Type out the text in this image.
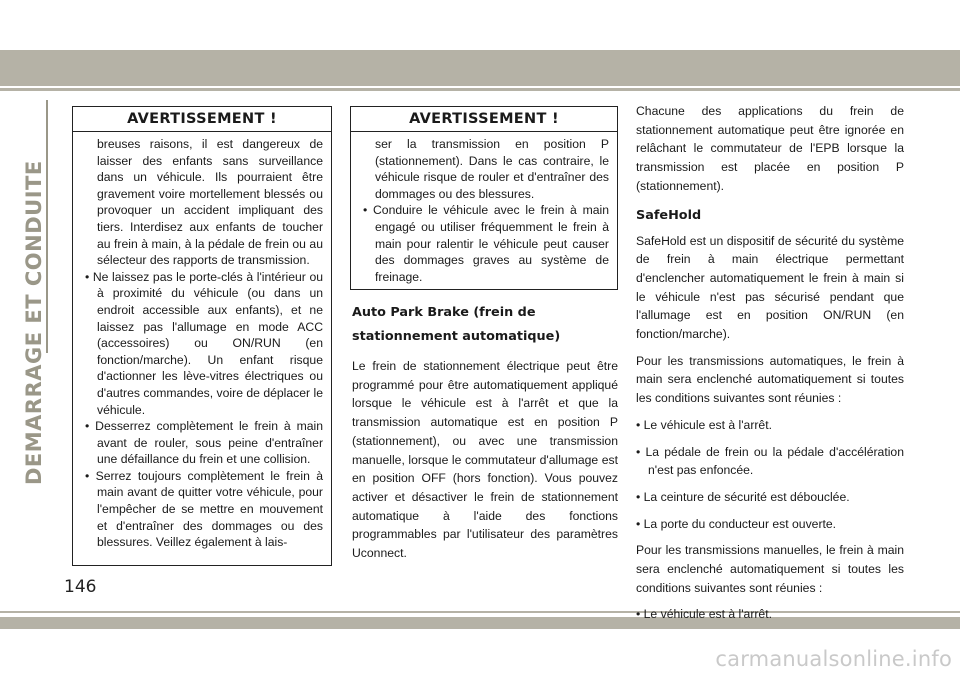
DEMARRAGE ET CONDUITE
AVERTISSEMENT !

breuses raisons, il est dangereux de laisser des enfants sans surveillance dans un véhicule. Ils pourraient être gravement voire mortellement blessés ou provoquer un accident impliquant des tiers. Interdisez aux enfants de toucher au frein à main, à la pédale de frein ou au sélecteur des rapports de transmission.

• Ne laissez pas le porte-clés à l'intérieur ou à proximité du véhicule (ou dans un endroit accessible aux enfants), et ne laissez pas l'allumage en mode ACC (accessoires) ou ON/RUN (en fonction/marche). Un enfant risque d'actionner les lève-vitres électriques ou d'autres commandes, voire de déplacer le véhicule.

• Desserrez complètement le frein à main avant de rouler, sous peine d'entraîner une défaillance du frein et une collision.

• Serrez toujours complètement le frein à main avant de quitter votre véhicule, pour l'empêcher de se mettre en mouvement et d'entraîner des dommages ou des blessures. Veillez également à lais-

AVERTISSEMENT !

ser la transmission en position P (stationnement). Dans le cas contraire, le véhicule risque de rouler et d'entraîner des dommages ou des blessures.

• Conduire le véhicule avec le frein à main engagé ou utiliser fréquemment le frein à main pour ralentir le véhicule peut causer des dommages graves au système de freinage.

Auto Park Brake (frein de stationnement automatique)

Le frein de stationnement électrique peut être programmé pour être automatiquement appliqué lorsque le véhicule est à l'arrêt et que la transmission automatique est en position P (stationnement), ou avec une transmission manuelle, lorsque le commutateur d'allumage est en position OFF (hors fonction). Vous pouvez activer et désactiver le frein de stationnement automatique à l'aide des fonctions programmables par l'utilisateur des paramètres Uconnect.

Chacune des applications du frein de stationnement automatique peut être ignorée en relâchant le commutateur de l'EPB lorsque la transmission est placée en position P (stationnement).

SafeHold

SafeHold est un dispositif de sécurité du système de frein à main électrique permettant d'enclencher automatiquement le frein à main si le véhicule n'est pas sécurisé pendant que l'allumage est en position ON/RUN (en fonction/marche).

Pour les transmissions automatiques, le frein à main sera enclenché automatiquement si toutes les conditions suivantes sont réunies :

• Le véhicule est à l'arrêt.

• La pédale de frein ou la pédale d'accélération n'est pas enfoncée.

• La ceinture de sécurité est débouclée.

• La porte du conducteur est ouverte.

Pour les transmissions manuelles, le frein à main sera enclenché automatiquement si toutes les conditions suivantes sont réunies :

• Le véhicule est à l'arrêt.

146
carmanualsonline.info
